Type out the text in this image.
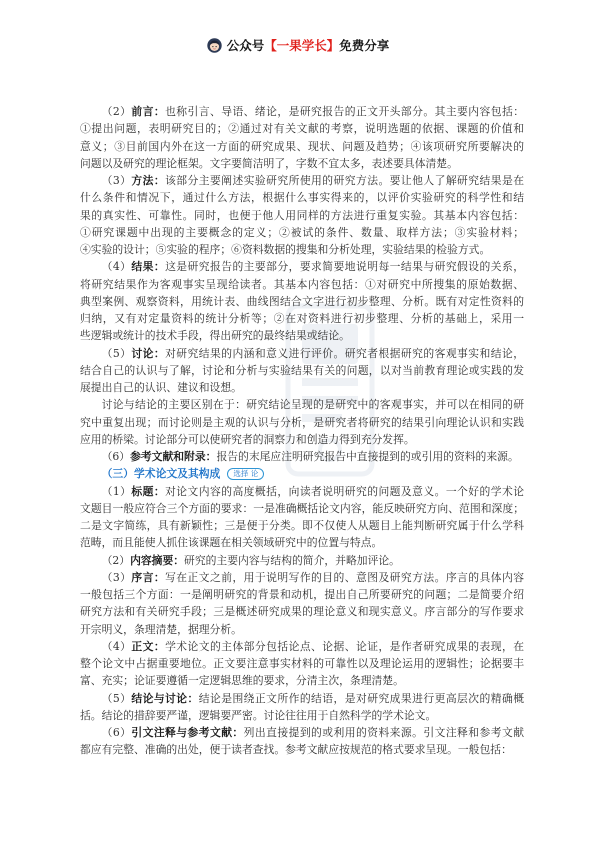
公众号 【一果学长】 免费分享
（2）前言：也称引言、导语、绪论，是研究报告的正文开头部分。其主要内容包括：
①提出问题，表明研究目的；②通过对有关文献的考察，说明选题的依据、课题的价值和
意义；③目前国内外在这一方面的研究成果、现状、问题及趋势；④该项研究所要解决的
问题以及研究的理论框架。文字要简洁明了，字数不宜太多，表述要具体清楚。
（3）方法：该部分主要阐述实验研究所使用的研究方法。要让他人了解研究结果是在
什么条件和情况下，通过什么方法，根据什么事实得来的，以评价实验研究的科学性和结
果的真实性、可靠性。同时，也便于他人用同样的方法进行重复实验。其基本内容包括：
①研究课题中出现的主要概念的定义；②被试的条件、数量、取样方法；③实验材料；
④实验的设计；⑤实验的程序；⑥资料数据的搜集和分析处理，实验结果的检验方式。
（4）结果：这是研究报告的主要部分，要求简要地说明每一结果与研究假设的关系，
将研究结果作为客观事实呈现给读者。其基本内容包括：①对研究中所搜集的原始数据、
典型案例、观察资料，用统计表、曲线图结合文字进行初步整理、分析。既有对定性资料的
归纳，又有对定量资料的统计分析等；②在对资料进行初步整理、分析的基础上，采用一
些逻辑或统计的技术手段，得出研究的最终结果或结论。
（5）讨论：对研究结果的内涵和意义进行评价。研究者根据研究的客观事实和结论，
结合自己的认识与了解，讨论和分析与实验结果有关的问题，以对当前教育理论或实践的发
展提出自己的认识、建议和设想。
讨论与结论的主要区别在于：研究结论呈现的是研究中的客观事实，并可以在相同的研
究中重复出现；而讨论则是主观的认识与分析，是研究者将研究的结果引向理论认识和实践
应用的桥梁。讨论部分可以使研究者的洞察力和创造力得到充分发挥。
（6）参考文献和附录：报告的末尾应注明研究报告中直接提到的或引用的资料的来源。
（三）学术论文及其构成 选择 论
（1）标题：对论文内容的高度概括，向读者说明研究的问题及意义。一个好的学术论
文题目一般应符合三个方面的要求：一是准确概括论文内容，能反映研究方向、范围和深度；
二是文字简练，具有新颖性；三是便于分类。即不仅使人从题目上能判断研究属于什么学科
范畴，而且能使人抓住该课题在相关领域研究中的位置与特点。
（2）内容摘要：研究的主要内容与结构的简介，并略加评论。
（3）序言：写在正文之前，用于说明写作的目的、意图及研究方法。序言的具体内容
一般包括三个方面：一是阐明研究的背景和动机，提出自己所要研究的问题；二是简要介绍
研究方法和有关研究手段；三是概述研究成果的理论意义和现实意义。序言部分的写作要求
开宗明义，条理清楚，据理分析。
（4）正文：学术论文的主体部分包括论点、论据、论证，是作者研究成果的表现，在
整个论文中占据重要地位。正文要注意事实材料的可靠性以及理论运用的逻辑性；论据要丰
富、充实；论证要遵循一定逻辑思维的要求，分清主次，条理清楚。
（5）结论与讨论：结论是围绕正文所作的结语，是对研究成果进行更高层次的精确概
括。结论的措辞要严谨，逻辑要严密。讨论往往用于自然科学的学术论文。
（6）引文注释与参考文献：列出直接提到的或利用的资料来源。引文注释和参考文献
都应有完整、准确的出处，便于读者查找。参考文献应按规范的格式要求呈现。一般包括：
